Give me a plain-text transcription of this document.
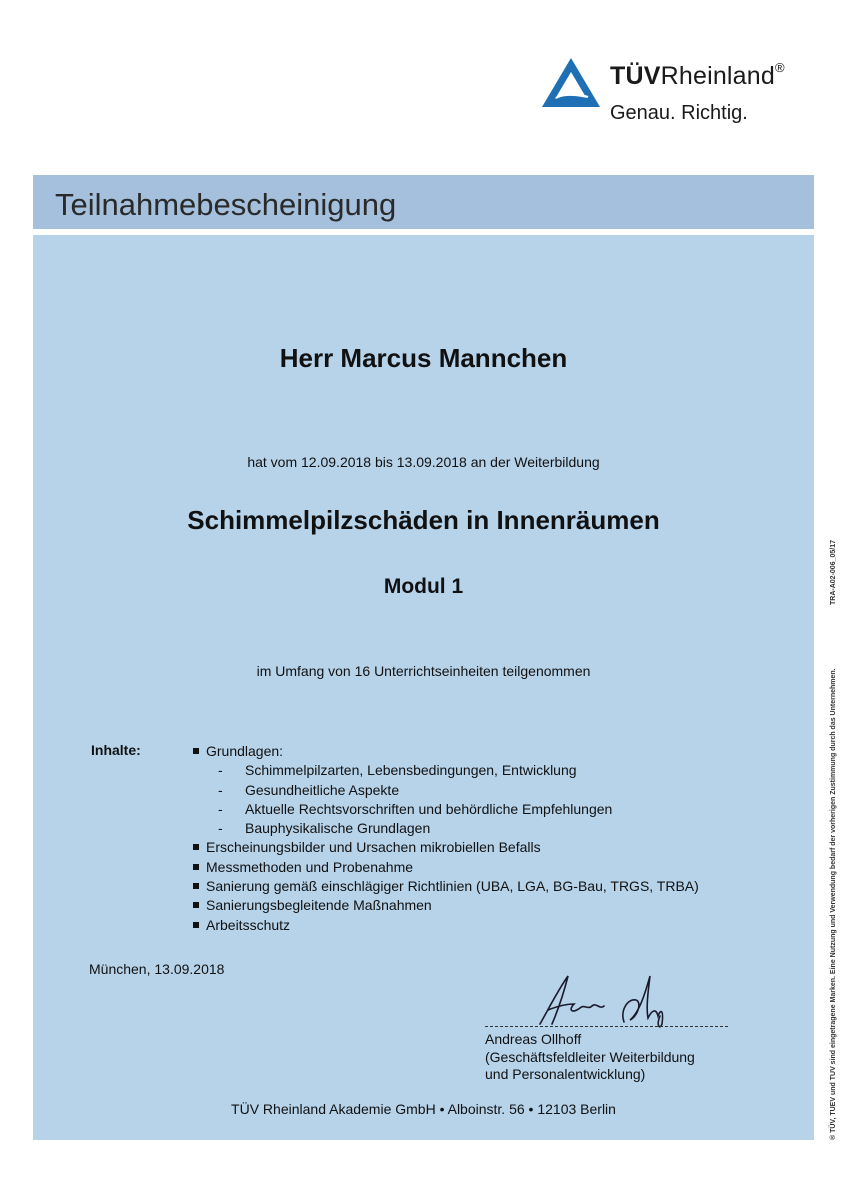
TÜVRheinland®
Genau. Richtig.
Teilnahmebescheinigung
Herr Marcus Mannchen
hat vom 12.09.2018 bis 13.09.2018 an der Weiterbildung
Schimmelpilzschäden in Innenräumen
Modul 1
im Umfang von 16 Unterrichtseinheiten teilgenommen
Inhalte:	Grundlagen:
- Schimmelpilzarten, Lebensbedingungen, Entwicklung
- Gesundheitliche Aspekte
- Aktuelle Rechtsvorschriften und behördliche Empfehlungen
- Bauphysikalische Grundlagen
Erscheinungsbilder und Ursachen mikrobiellen Befalls
Messmethoden und Probenahme
Sanierung gemäß einschlägiger Richtlinien (UBA, LGA, BG-Bau, TRGS, TRBA)
Sanierungsbegleitende Maßnahmen
Arbeitsschutz
München, 13.09.2018
Andreas Ollhoff
(Geschäftsfeldleiter Weiterbildung
und Personalentwicklung)
TÜV Rheinland Akademie GmbH • Alboinstr. 56 • 12103 Berlin	® TÜV, TUEV und TUV sind eingetragene Marken. Eine Nutzung und Verwendung bedarf der vorherigen Zustimmung durch das Unternehmen.
TRA-A02-006_05/17
